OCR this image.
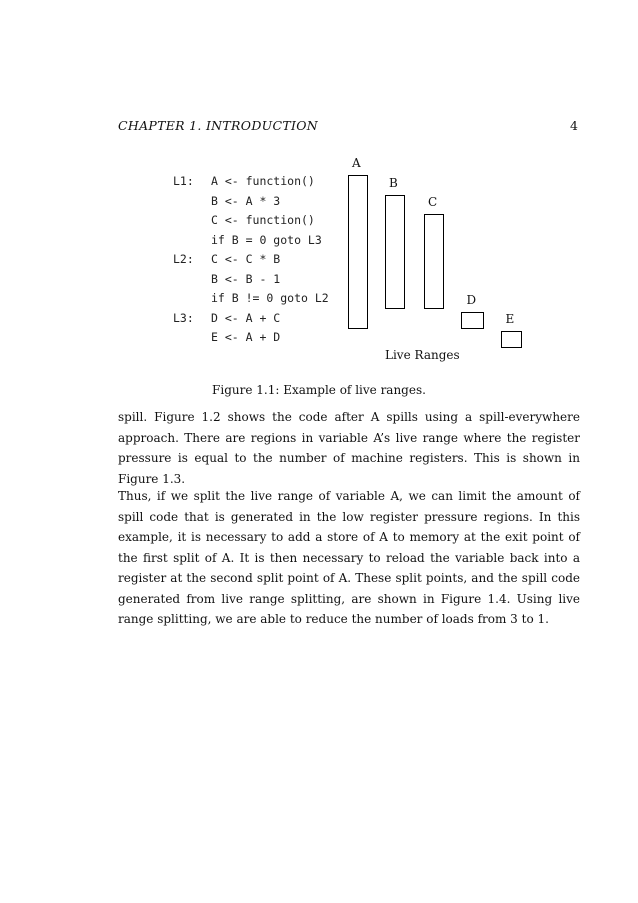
CHAPTER 1. INTRODUCTION	4
L1: A <- function()
B <- A * 3
C <- function()
if B = 0 goto L3
L2: C <- C * B
B <- B - 1
if B != 0 goto L2
L3: D <- A + C
E <- A + D
A
B
C
D
E
Live Ranges
Figure 1.1: Example of live ranges.

spill. Figure 1.2 shows the code after A spills using a spill-everywhere approach. There are regions in variable A’s live range where the register pressure is equal to the number of machine registers. This is shown in Figure 1.3.

Thus, if we split the live range of variable A, we can limit the amount of spill code that is generated in the low register pressure regions. In this example, it is necessary to add a store of A to memory at the exit point of the first split of A. It is then necessary to reload the variable back into a register at the second split point of A. These split points, and the spill code generated from live range splitting, are shown in Figure 1.4. Using live range splitting, we are able to reduce the number of loads from 3 to 1.
